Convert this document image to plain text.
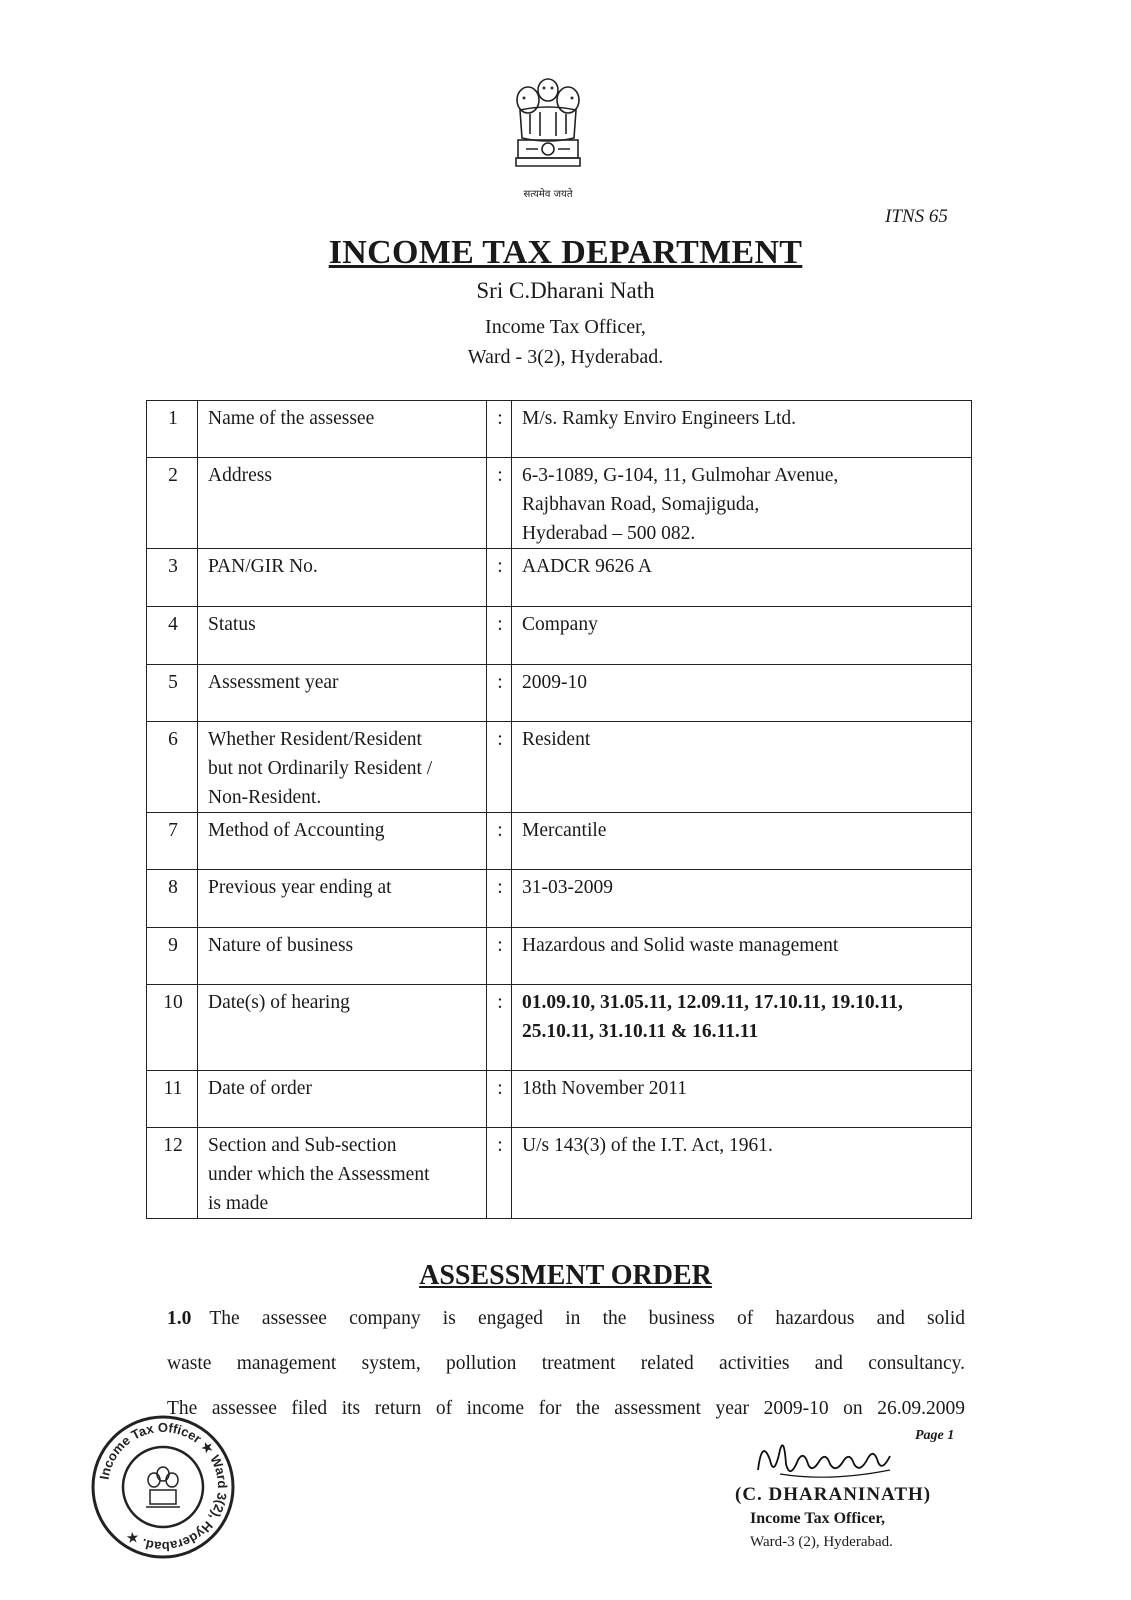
सत्यमेव जयते
ITNS 65
INCOME TAX DEPARTMENT
Sri C.Dharani Nath
Income Tax Officer,
Ward - 3(2), Hyderabad.
1	Name of the assessee	:	M/s. Ramky Enviro Engineers Ltd.

2	Address	:	6-3-1089, G-104, 11, Gulmohar Avenue,
Rajbhavan Road, Somajiguda,
Hyderabad – 500 082.

3	PAN/GIR No.	:	AADCR 9626 A

4	Status	:	Company

5	Assessment year	:	2009-10

6	Whether Resident/Resident
but not Ordinarily Resident /
Non-Resident.	:	Resident

7	Method of Accounting	:	Mercantile

8	Previous year ending at	:	31-03-2009

9	Nature of business	:	Hazardous and Solid waste management

10	Date(s) of hearing	:	01.09.10, 31.05.11, 12.09.11, 17.10.11, 19.10.11,
25.10.11, 31.10.11 & 16.11.11

11	Date of order	:	18th November 2011

12	Section and Sub-section
under which the Assessment
is made	:	U/s 143(3) of the I.T. Act, 1961.
ASSESSMENT ORDER
1.0 The assessee company is engaged in the business of hazardous and solid
waste management system, pollution treatment related activities and consultancy.
The assessee filed its return of income for the assessment year 2009-10 on 26.09.2009
Page 1
(C. DHARANINATH)
Income Tax Officer,
Ward-3 (2), Hyderabad.
Income Tax Officer ★ Ward 3(2), Hyderabad. ★
